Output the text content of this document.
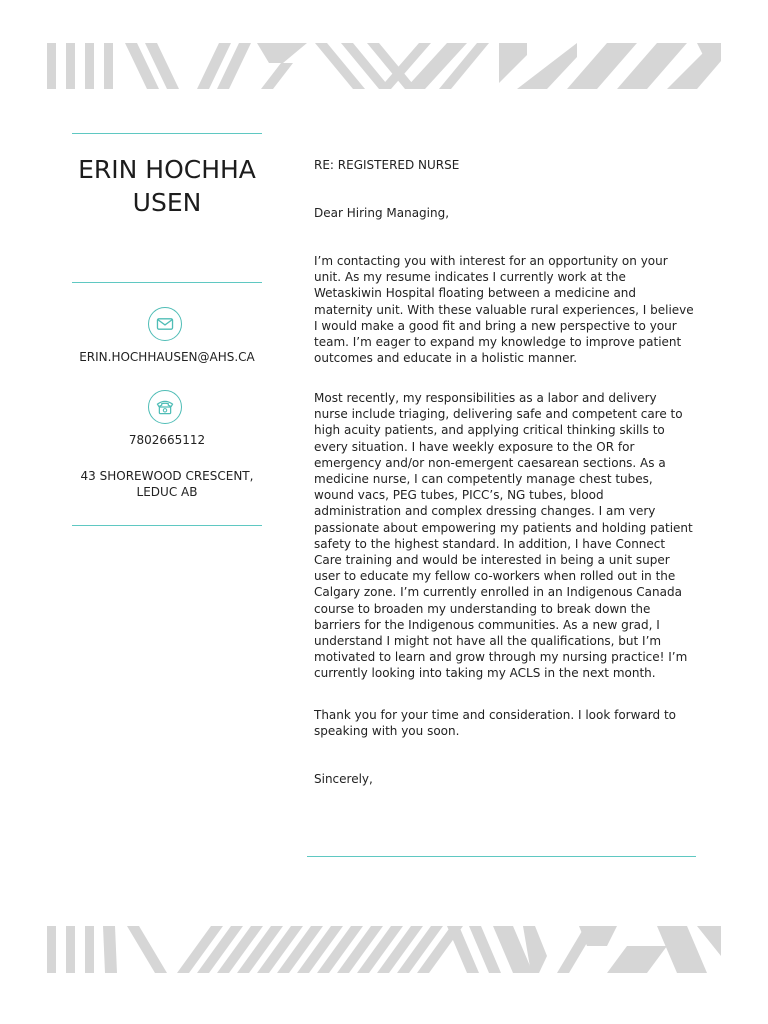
ERIN HOCHHAUSEN
ERIN.HOCHHAUSEN@AHS.CA
7802665112
43 SHOREWOOD CRESCENT, LEDUC AB
RE: REGISTERED NURSE
Dear Hiring Managing,

I’m contacting you with interest for an opportunity on your unit. As my resume indicates I currently work at the Wetaskiwin Hospital floating between a medicine and maternity unit. With these valuable rural experiences, I believe I would make a good fit and bring a new perspective to your team. I’m eager to expand my knowledge to improve patient outcomes and educate in a holistic manner.

Most recently, my responsibilities as a labor and delivery nurse include triaging, delivering safe and competent care to high acuity patients, and applying critical thinking skills to every situation. I have weekly exposure to the OR for emergency and/or non-emergent caesarean sections. As a medicine nurse, I can competently manage chest tubes, wound vacs, PEG tubes, PICC’s, NG tubes, blood administration and complex dressing changes. I am very passionate about empowering my patients and holding patient safety to the highest standard. In addition, I have Connect Care training and would be interested in being a unit super user to educate my fellow co-workers when rolled out in the Calgary zone. I’m currently enrolled in an Indigenous Canada course to broaden my understanding to break down the barriers for the Indigenous communities. As a new grad, I understand I might not have all the qualifications, but I’m motivated to learn and grow through my nursing practice! I’m currently looking into taking my ACLS in the next month.

Thank you for your time and consideration. I look forward to speaking with you soon.

Sincerely,
